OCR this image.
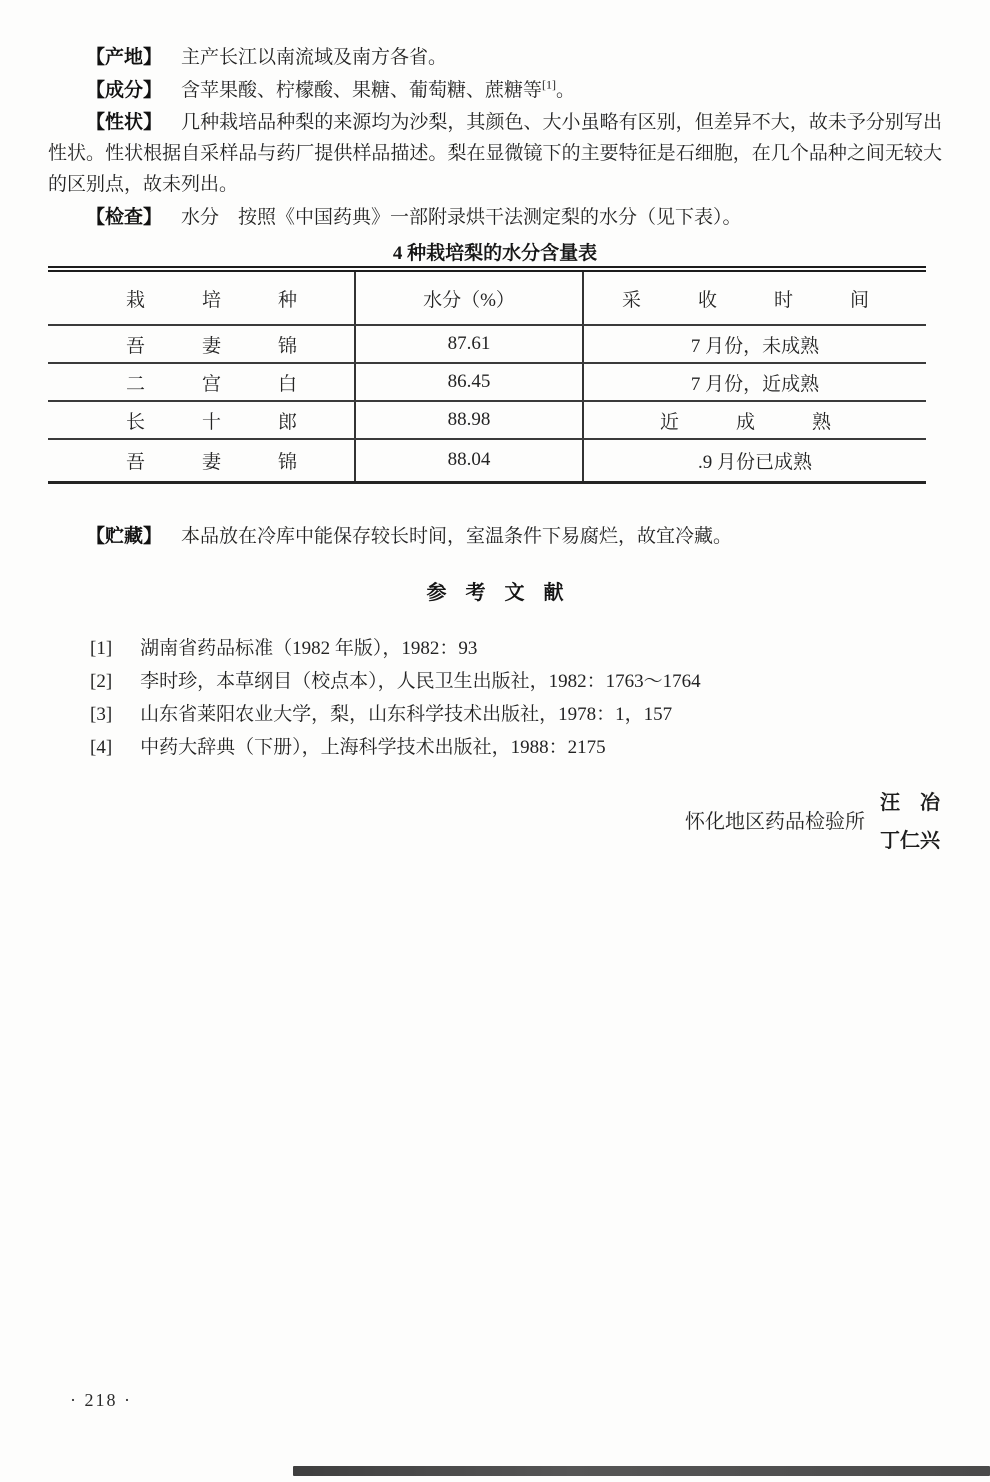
【产地】 主产长江以南流域及南方各省。

【成分】 含苹果酸、柠檬酸、果糖、葡萄糖、蔗糖等[1]。

【性状】 几种栽培品种梨的来源均为沙梨，其颜色、大小虽略有区别，但差异不大，故未予分别写出性状。性状根据自采样品与药厂提供样品描述。梨在显微镜下的主要特征是石细胞，在几个品种之间无较大的区别点，故未列出。

【检查】 水分　按照《中国药典》一部附录烘干法测定梨的水分（见下表）。

4 种栽培梨的水分含量表
栽培种	水分（%）	采收时间
吾妻锦	87.61	7 月份，未成熟
二宫白	86.45	7 月份，近成熟
长十郎	88.98	近成熟
吾妻锦	88.04	.9 月份已成熟

【贮藏】 本品放在冷库中能保存较长时间，室温条件下易腐烂，故宜冷藏。

参考文献
[1] 湖南省药品标准（1982 年版），1982：93
[2] 李时珍，本草纲目（校点本），人民卫生出版社，1982：1763～1764
[3] 山东省莱阳农业大学，梨，山东科学技术出版社，1978：1，157
[4] 中药大辞典（下册），上海科学技术出版社，1988：2175
怀化地区药品检验所
汪　冶
丁仁兴
· 218 ·
